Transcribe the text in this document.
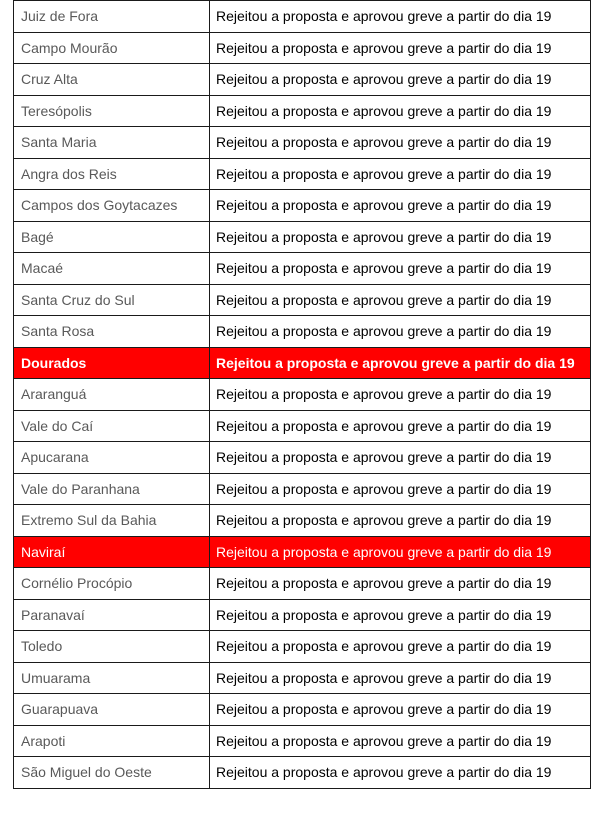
Juiz de Fora	Rejeitou a proposta e aprovou greve a partir do dia 19
Campo Mourão	Rejeitou a proposta e aprovou greve a partir do dia 19
Cruz Alta	Rejeitou a proposta e aprovou greve a partir do dia 19
Teresópolis	Rejeitou a proposta e aprovou greve a partir do dia 19
Santa Maria	Rejeitou a proposta e aprovou greve a partir do dia 19
Angra dos Reis	Rejeitou a proposta e aprovou greve a partir do dia 19
Campos dos Goytacazes	Rejeitou a proposta e aprovou greve a partir do dia 19
Bagé	Rejeitou a proposta e aprovou greve a partir do dia 19
Macaé	Rejeitou a proposta e aprovou greve a partir do dia 19
Santa Cruz do Sul	Rejeitou a proposta e aprovou greve a partir do dia 19
Santa Rosa	Rejeitou a proposta e aprovou greve a partir do dia 19
Dourados	Rejeitou a proposta e aprovou greve a partir do dia 19
Araranguá	Rejeitou a proposta e aprovou greve a partir do dia 19
Vale do Caí	Rejeitou a proposta e aprovou greve a partir do dia 19
Apucarana	Rejeitou a proposta e aprovou greve a partir do dia 19
Vale do Paranhana	Rejeitou a proposta e aprovou greve a partir do dia 19
Extremo Sul da Bahia	Rejeitou a proposta e aprovou greve a partir do dia 19
Naviraí	Rejeitou a proposta e aprovou greve a partir do dia 19
Cornélio Procópio	Rejeitou a proposta e aprovou greve a partir do dia 19
Paranavaí	Rejeitou a proposta e aprovou greve a partir do dia 19
Toledo	Rejeitou a proposta e aprovou greve a partir do dia 19
Umuarama	Rejeitou a proposta e aprovou greve a partir do dia 19
Guarapuava	Rejeitou a proposta e aprovou greve a partir do dia 19
Arapoti	Rejeitou a proposta e aprovou greve a partir do dia 19
São Miguel do Oeste	Rejeitou a proposta e aprovou greve a partir do dia 19
